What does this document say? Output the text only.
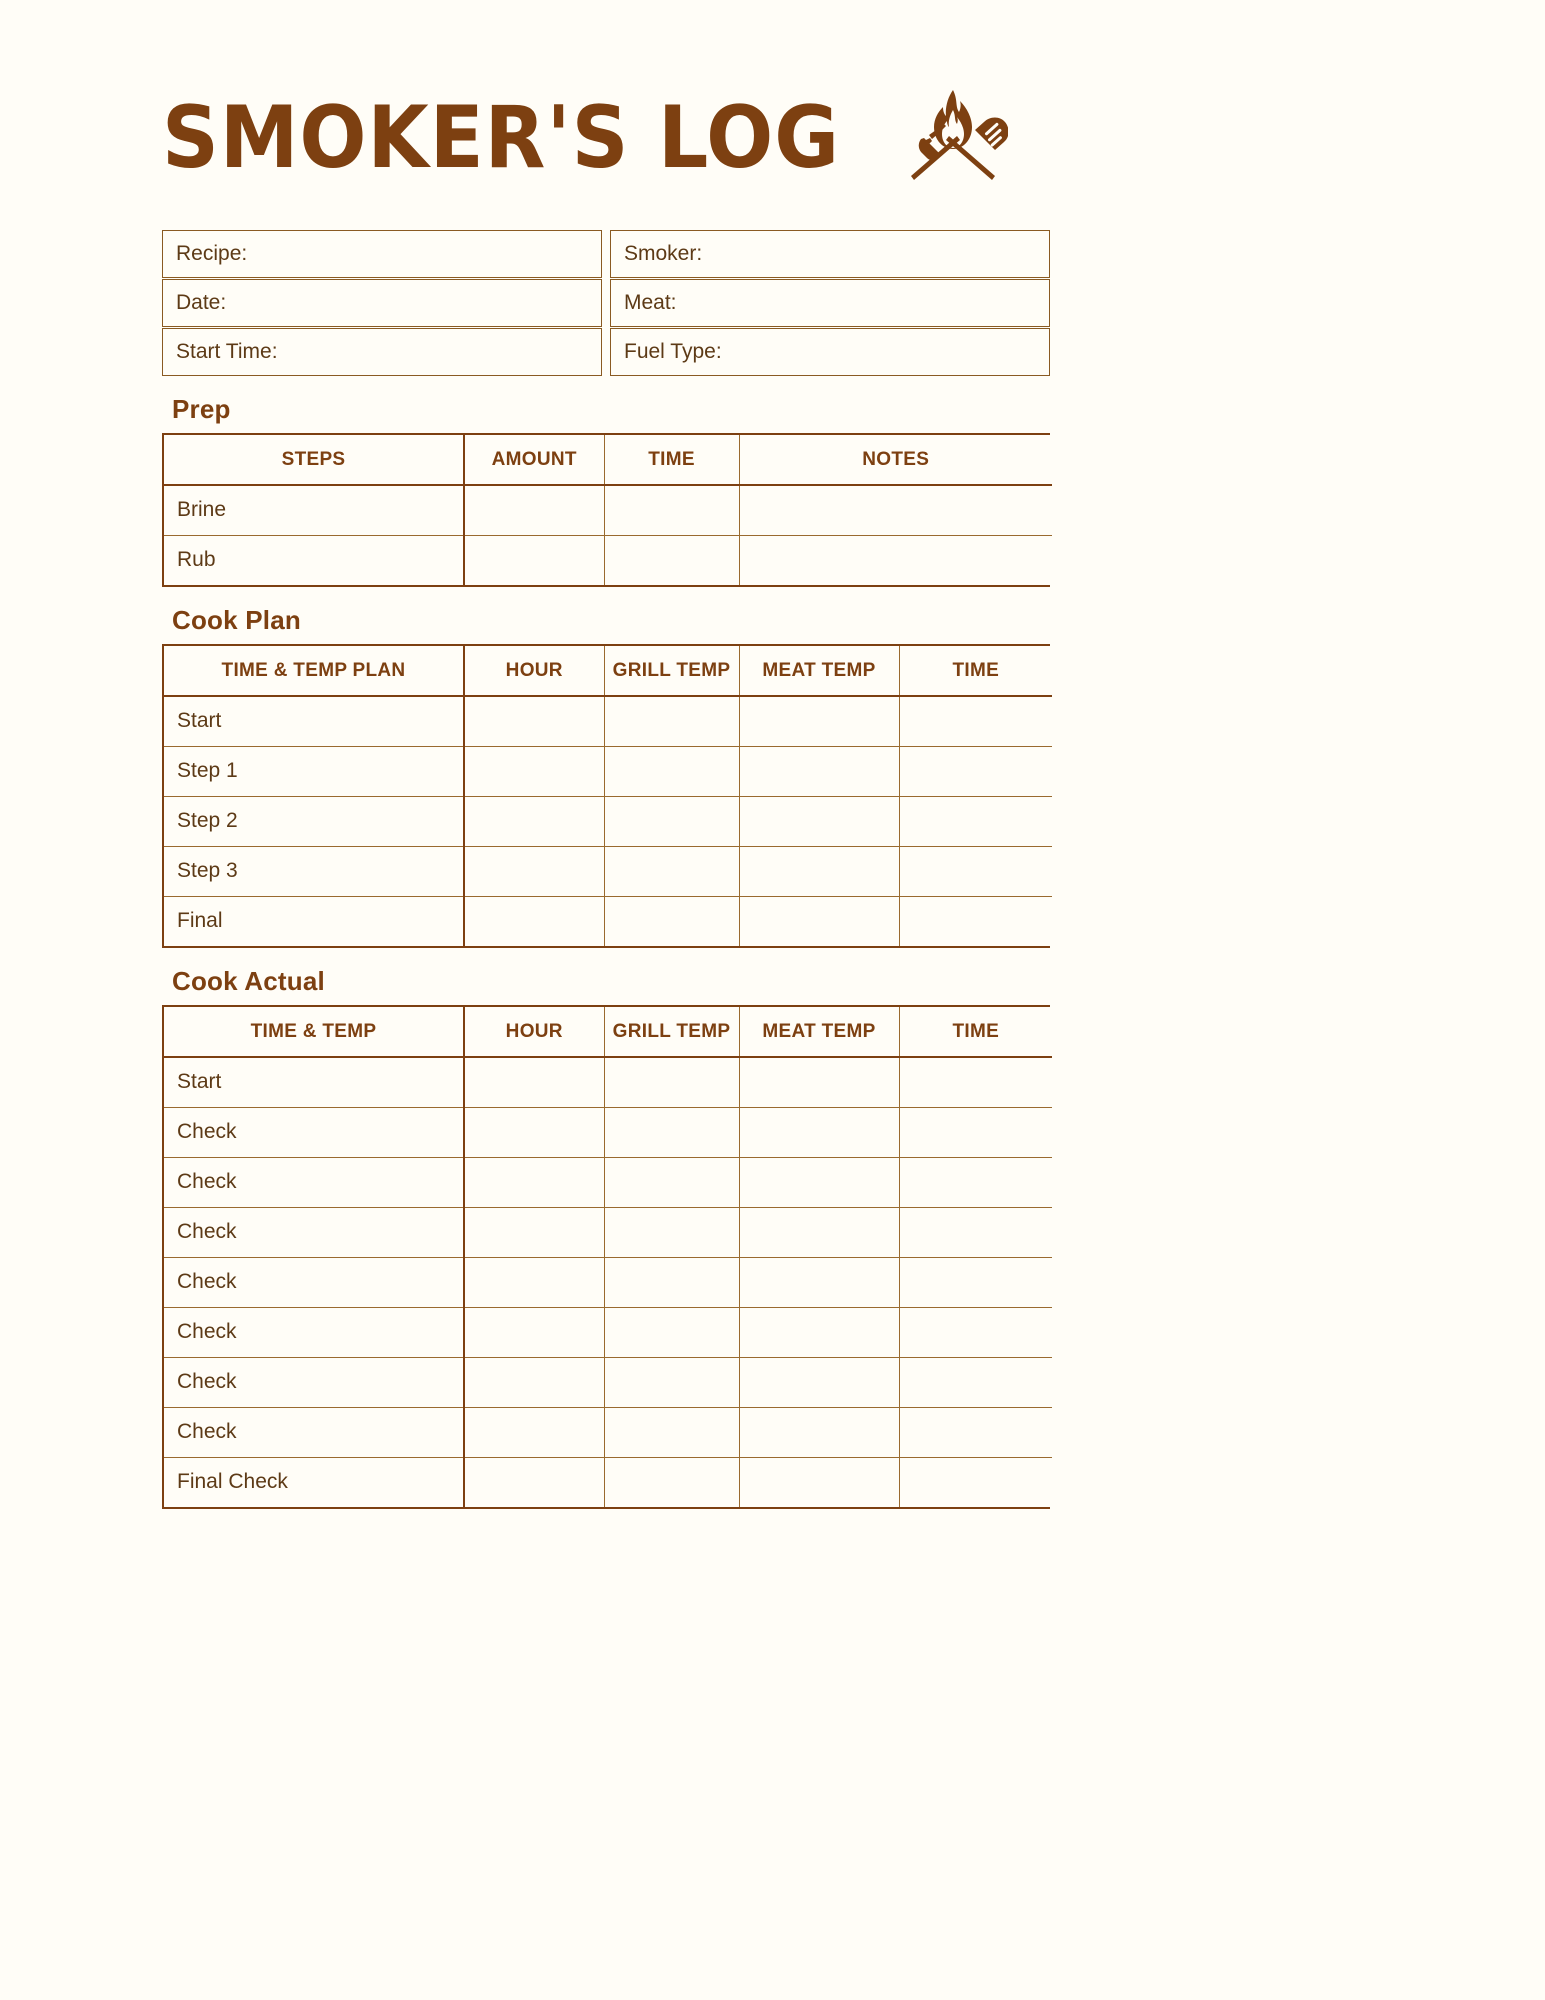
SMOKER'S LOG
Recipe:	Smoker:
Date:	Meat:
Start Time:	Fuel Type:
Prep
STEPS	AMOUNT	TIME	NOTES
Brine			
Rub			
Cook Plan
TIME & TEMP PLAN	HOUR	GRILL TEMP	MEAT TEMP	TIME
Start				
Step 1				
Step 2				
Step 3				
Final				
Cook Actual
TIME & TEMP	HOUR	GRILL TEMP	MEAT TEMP	TIME
Start				
Check				
Check				
Check				
Check				
Check				
Check				
Check				
Final Check				
